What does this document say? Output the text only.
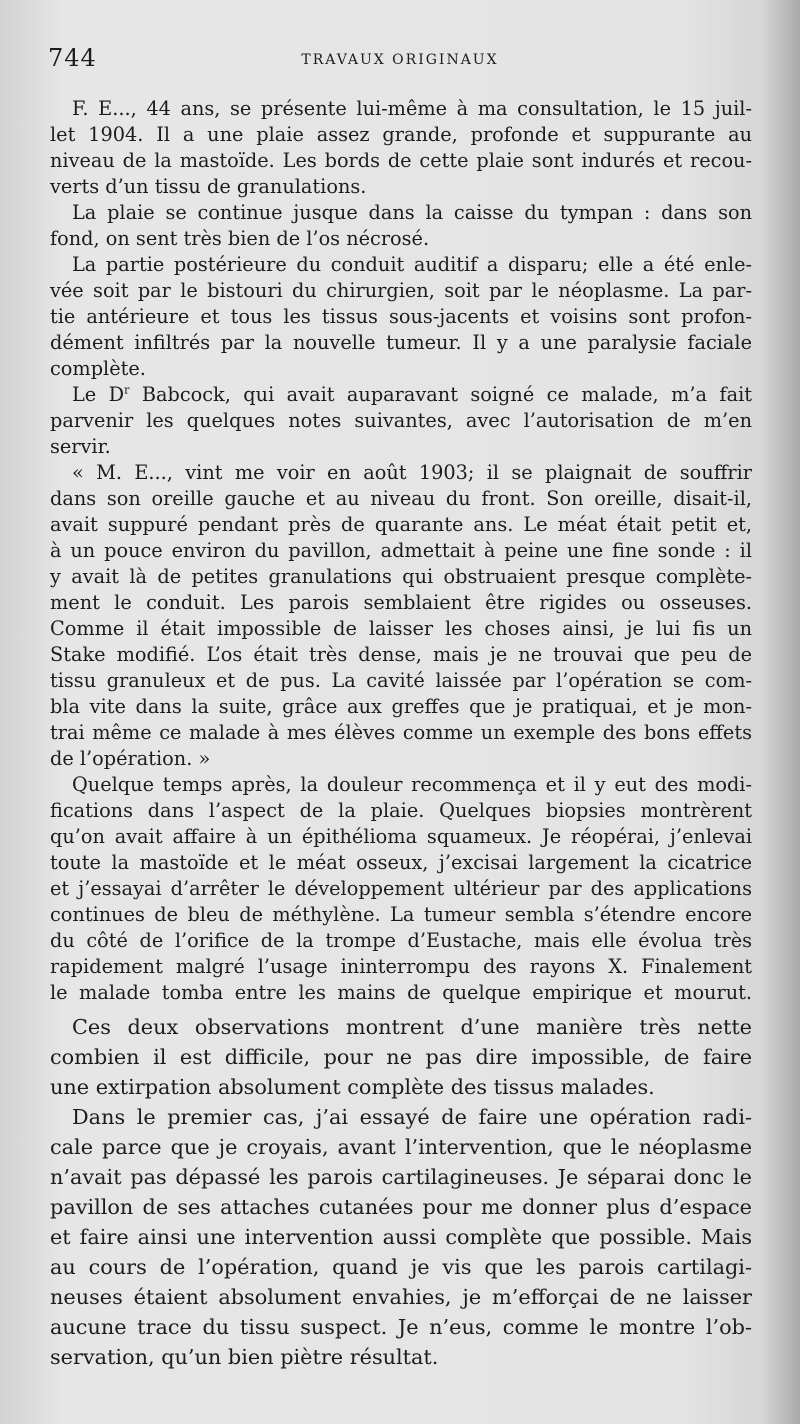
744	TRAVAUX ORIGINAUX
F. E..., 44 ans, se présente lui-même à ma consultation, le 15 juil-
let 1904. Il a une plaie assez grande, profonde et suppurante au
niveau de la mastoïde. Les bords de cette plaie sont indurés et recou-
verts d’un tissu de granulations.
La plaie se continue jusque dans la caisse du tympan : dans son
fond, on sent très bien de l’os nécrosé.
La partie postérieure du conduit auditif a disparu; elle a été enle-
vée soit par le bistouri du chirurgien, soit par le néoplasme. La par-
tie antérieure et tous les tissus sous-jacents et voisins sont profon-
dément infiltrés par la nouvelle tumeur. Il y a une paralysie faciale
complète.
Le $D^r$ Babcock, qui avait auparavant soigné ce malade, m’a fait
parvenir les quelques notes suivantes, avec l’autorisation de m’en
servir.
« M. E..., vint me voir en août 1903; il se plaignait de souffrir
dans son oreille gauche et au niveau du front. Son oreille, disait-il,
avait suppuré pendant près de quarante ans. Le méat était petit et,
à un pouce environ du pavillon, admettait à peine une fine sonde : il
y avait là de petites granulations qui obstruaient presque complète-
ment le conduit. Les parois semblaient être rigides ou osseuses.
Comme il était impossible de laisser les choses ainsi, je lui fis un
Stake modifié. L’os était très dense, mais je ne trouvai que peu de
tissu granuleux et de pus. La cavité laissée par l’opération se com-
bla vite dans la suite, grâce aux greffes que je pratiquai, et je mon-
trai même ce malade à mes élèves comme un exemple des bons effets
de l’opération. »
Quelque temps après, la douleur recommença et il y eut des modi-
fications dans l’aspect de la plaie. Quelques biopsies montrèrent
qu’on avait affaire à un épithélioma squameux. Je réopérai, j’enlevai
toute la mastoïde et le méat osseux, j’excisai largement la cicatrice
et j’essayai d’arrêter le développement ultérieur par des applications
continues de bleu de méthylène. La tumeur sembla s’étendre encore
du côté de l’orifice de la trompe d’Eustache, mais elle évolua très
rapidement malgré l’usage ininterrompu des rayons X. Finalement
le malade tomba entre les mains de quelque empirique et mourut.
Ces deux observations montrent d’une manière très nette
combien il est difficile, pour ne pas dire impossible, de faire
une extirpation absolument complète des tissus malades.
Dans le premier cas, j’ai essayé de faire une opération radi-
cale parce que je croyais, avant l’intervention, que le néoplasme
n’avait pas dépassé les parois cartilagineuses. Je séparai donc le
pavillon de ses attaches cutanées pour me donner plus d’espace
et faire ainsi une intervention aussi complète que possible. Mais
au cours de l’opération, quand je vis que les parois cartilagi-
neuses étaient absolument envahies, je m’efforçai de ne laisser
aucune trace du tissu suspect. Je n’eus, comme le montre l’ob-
servation, qu’un bien piètre résultat.
